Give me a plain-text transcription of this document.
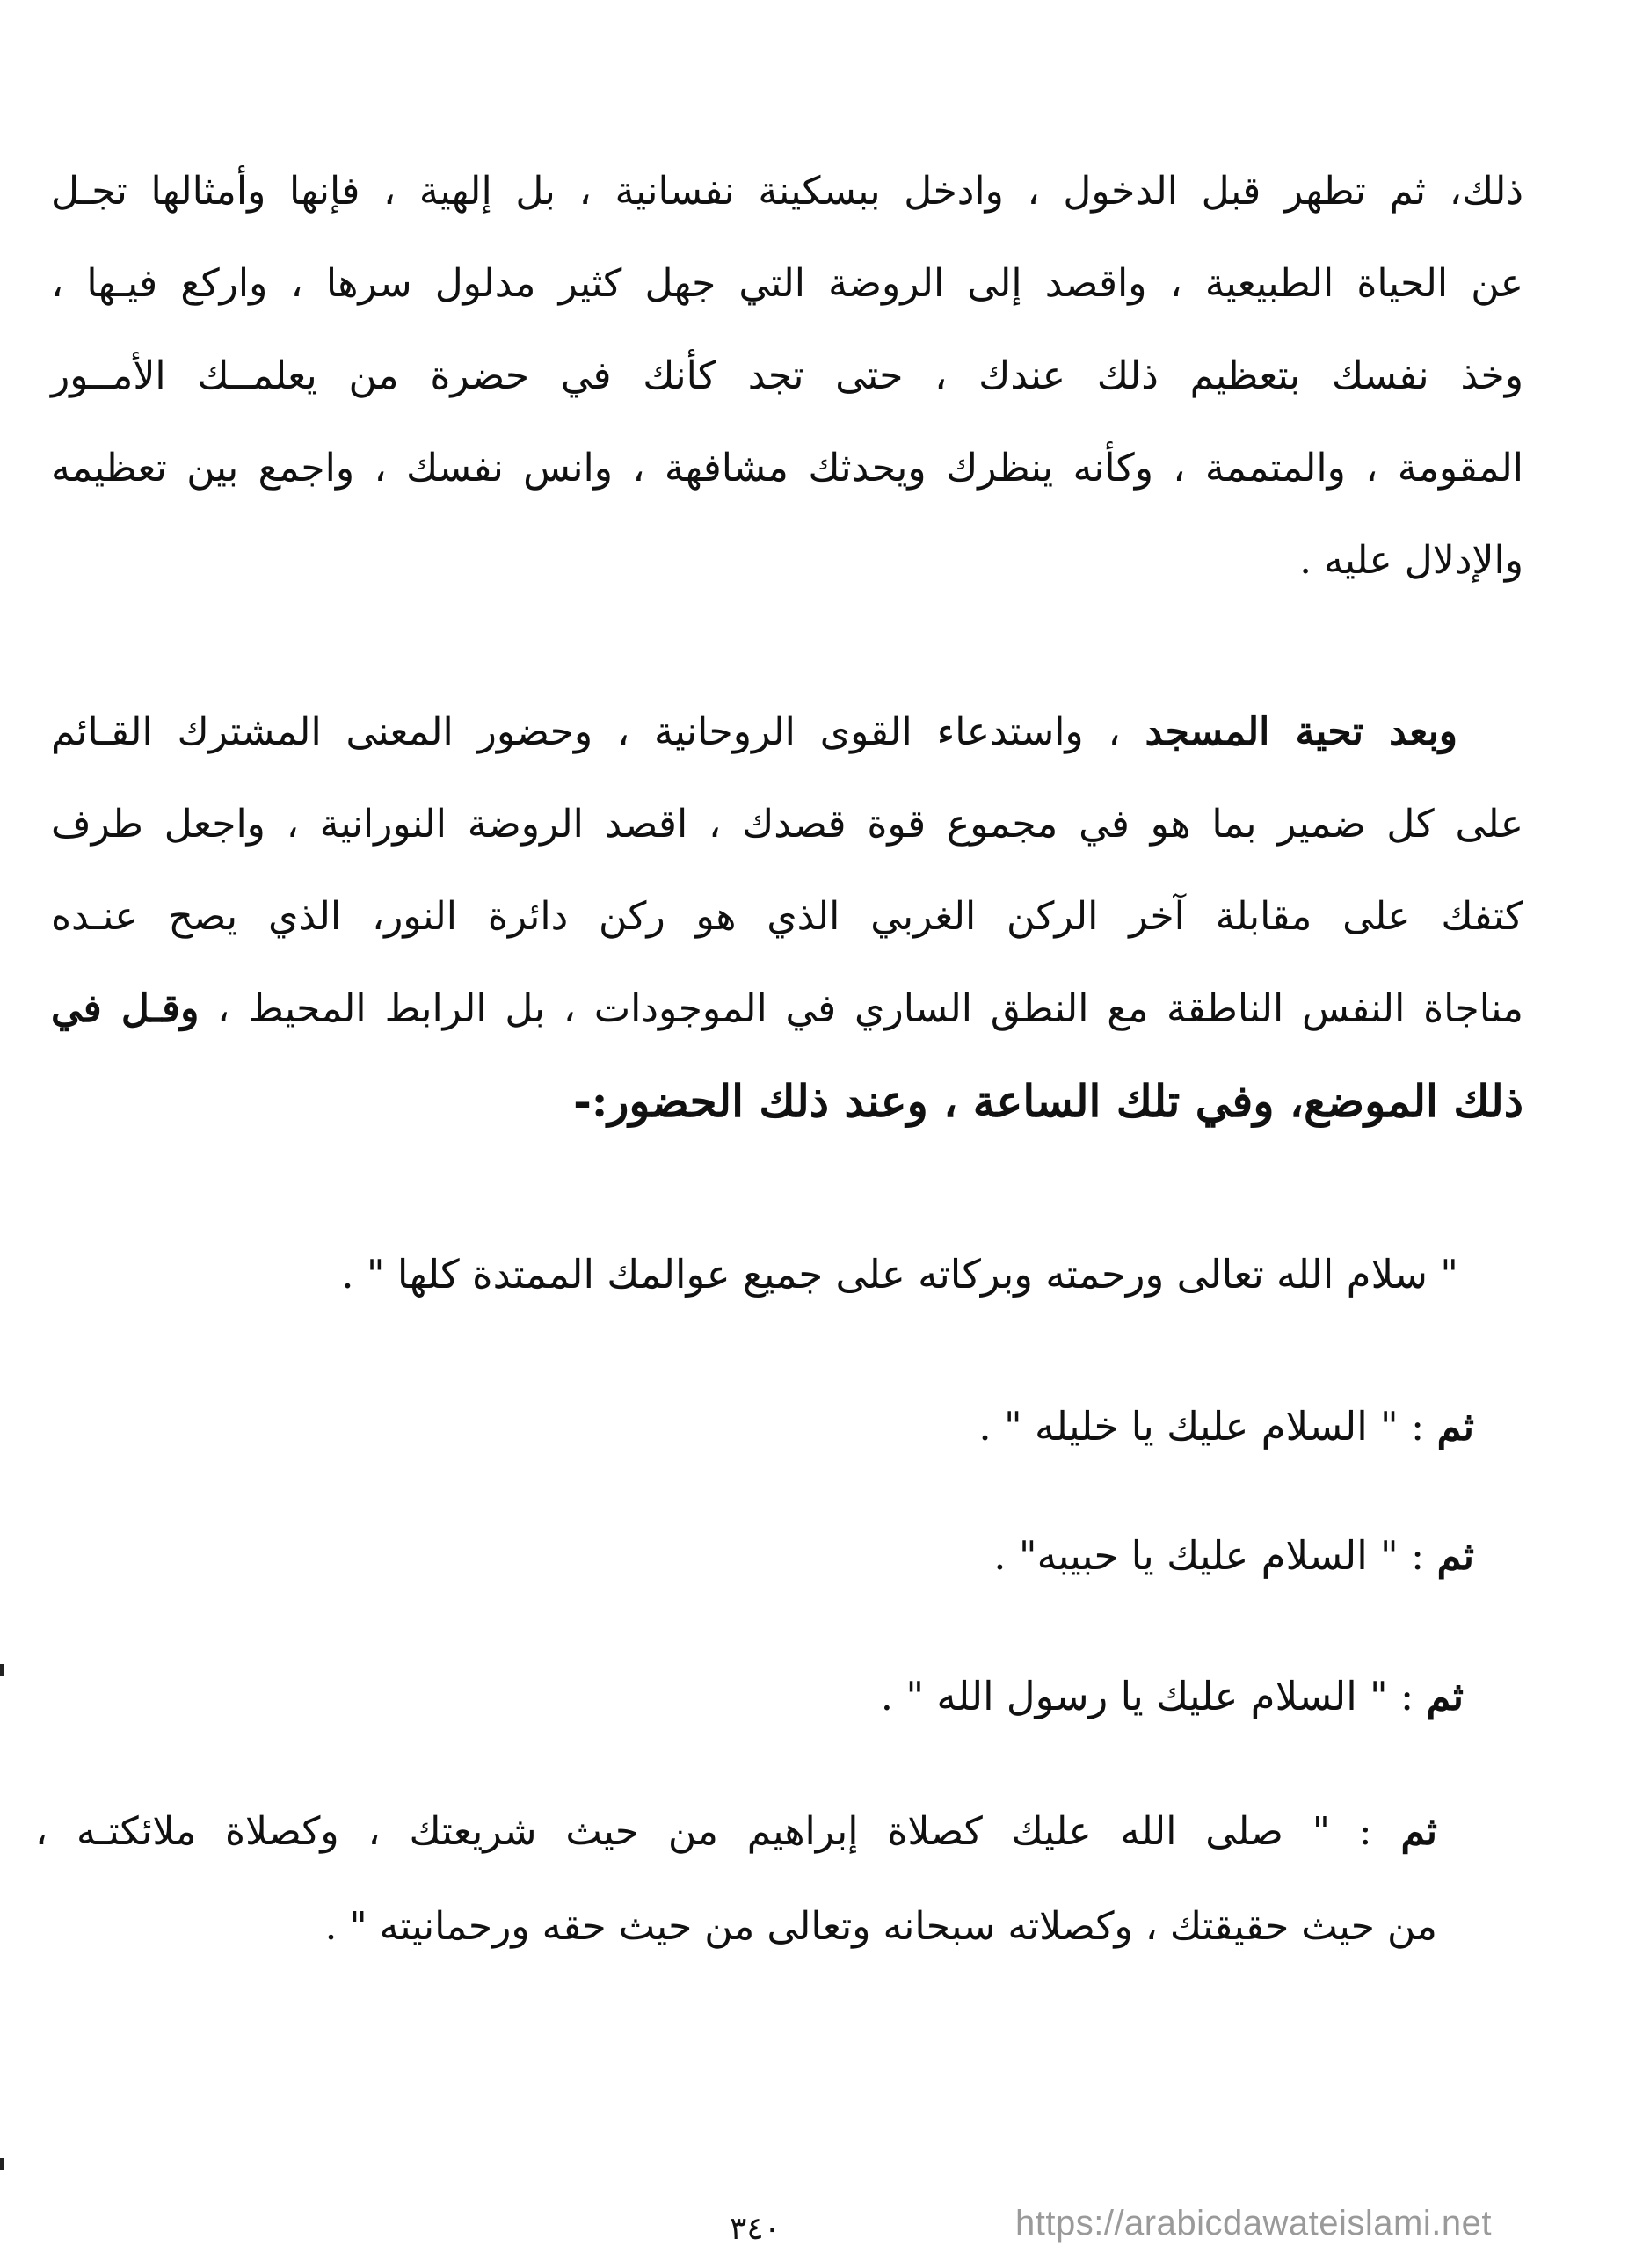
ذلك، ثم تطهر قبل الدخول ، وادخل ببسكينة نفسانية ، بل إلهية ، فإنها وأمثالها تجـل
عن الحياة الطبيعية ، واقصد إلى الروضة التي جهل كثير مدلول سرها ، واركع فيـها ،
وخذ نفسك بتعظيم ذلك عندك ، حتى تجد كأنك في حضرة من يعلمــك الأمــور
المقومة ، والمتممة ، وكأنه ينظرك ويحدثك مشافهة ، وانس نفسك ، واجمع بين تعظيمه
والإدلال عليه .
وبعد تحية المسجد ، واستدعاء القوى الروحانية ، وحضور المعنى المشترك القـائم
على كل ضمير بما هو في مجموع قوة قصدك ، اقصد الروضة النورانية ، واجعل طرف
كتفك على مقابلة آخر الركن الغربي الذي هو ركن دائرة النور، الذي يصح عنـده
مناجاة النفس الناطقة مع النطق الساري في الموجودات ، بل الرابط المحيط ، وقـل في
ذلك الموضع، وفي تلك الساعة ، وعند ذلك الحضور:-
" سلام الله تعالى ورحمته وبركاته على جميع عوالمك الممتدة كلها " .
ثم : " السلام عليك يا خليله " .
ثم : " السلام عليك يا حبيبه" .
ثم : " السلام عليك يا رسول الله " .
ثم : " صلى الله عليك كصلاة إبراهيم من حيث شريعتك ، وكصلاة ملائكتـه ،
من حيث حقيقتك ، وكصلاته سبحانه وتعالى من حيث حقه ورحمانيته " .
٣٤٠	https://arabicdawateislami.net
